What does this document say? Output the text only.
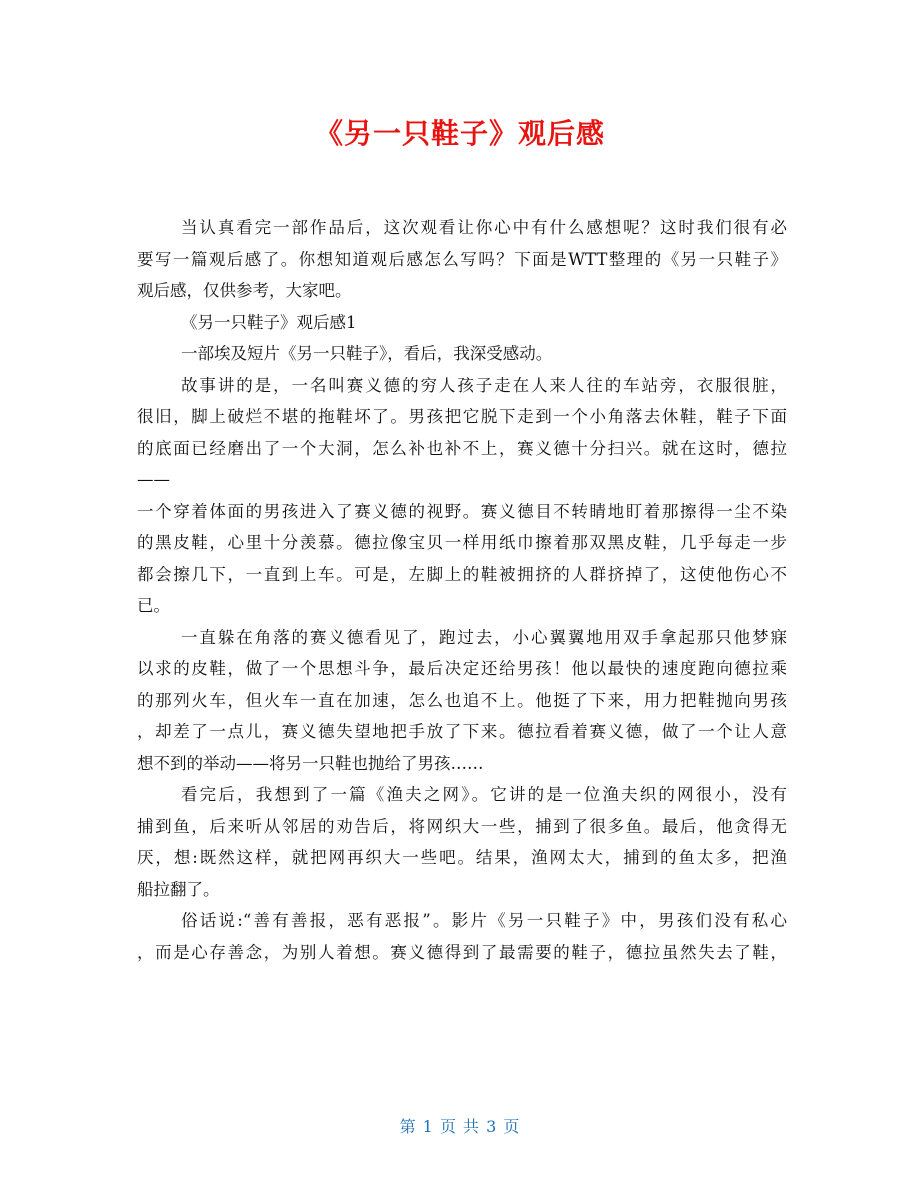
《另一只鞋子》观后感
当认真看完一部作品后，这次观看让你心中有什么感想呢？这时我们很有必
要写一篇观后感了。你想知道观后感怎么写吗？下面是WTT整理的《另一只鞋子》
观后感，仅供参考，大家吧。
《另一只鞋子》观后感1
一部埃及短片《另一只鞋子》，看后，我深受感动。
故事讲的是，一名叫赛义德的穷人孩子走在人来人往的车站旁，衣服很脏，
很旧，脚上破烂不堪的拖鞋坏了。男孩把它脱下走到一个小角落去休鞋，鞋子下面
的底面已经磨出了一个大洞，怎么补也补不上，赛义德十分扫兴。就在这时，德拉
——
一个穿着体面的男孩进入了赛义德的视野。赛义德目不转睛地盯着那擦得一尘不染
的黑皮鞋，心里十分羡慕。德拉像宝贝一样用纸巾擦着那双黑皮鞋，几乎每走一步
都会擦几下，一直到上车。可是，左脚上的鞋被拥挤的人群挤掉了，这使他伤心不
已。
一直躲在角落的赛义德看见了，跑过去，小心翼翼地用双手拿起那只他梦寐
以求的皮鞋，做了一个思想斗争，最后决定还给男孩！他以最快的速度跑向德拉乘
的那列火车，但火车一直在加速，怎么也追不上。他挺了下来，用力把鞋抛向男孩
，却差了一点儿，赛义德失望地把手放了下来。德拉看着赛义德，做了一个让人意
想不到的举动——将另一只鞋也抛给了男孩……
看完后，我想到了一篇《渔夫之网》。它讲的是一位渔夫织的网很小，没有
捕到鱼，后来听从邻居的劝告后，将网织大一些，捕到了很多鱼。最后，他贪得无
厌，想:既然这样，就把网再织大一些吧。结果，渔网太大，捕到的鱼太多，把渔
船拉翻了。
俗话说:“善有善报，恶有恶报”。影片《另一只鞋子》中，男孩们没有私心
，而是心存善念，为别人着想。赛义德得到了最需要的鞋子，德拉虽然失去了鞋，
第 1 页 共 3 页
